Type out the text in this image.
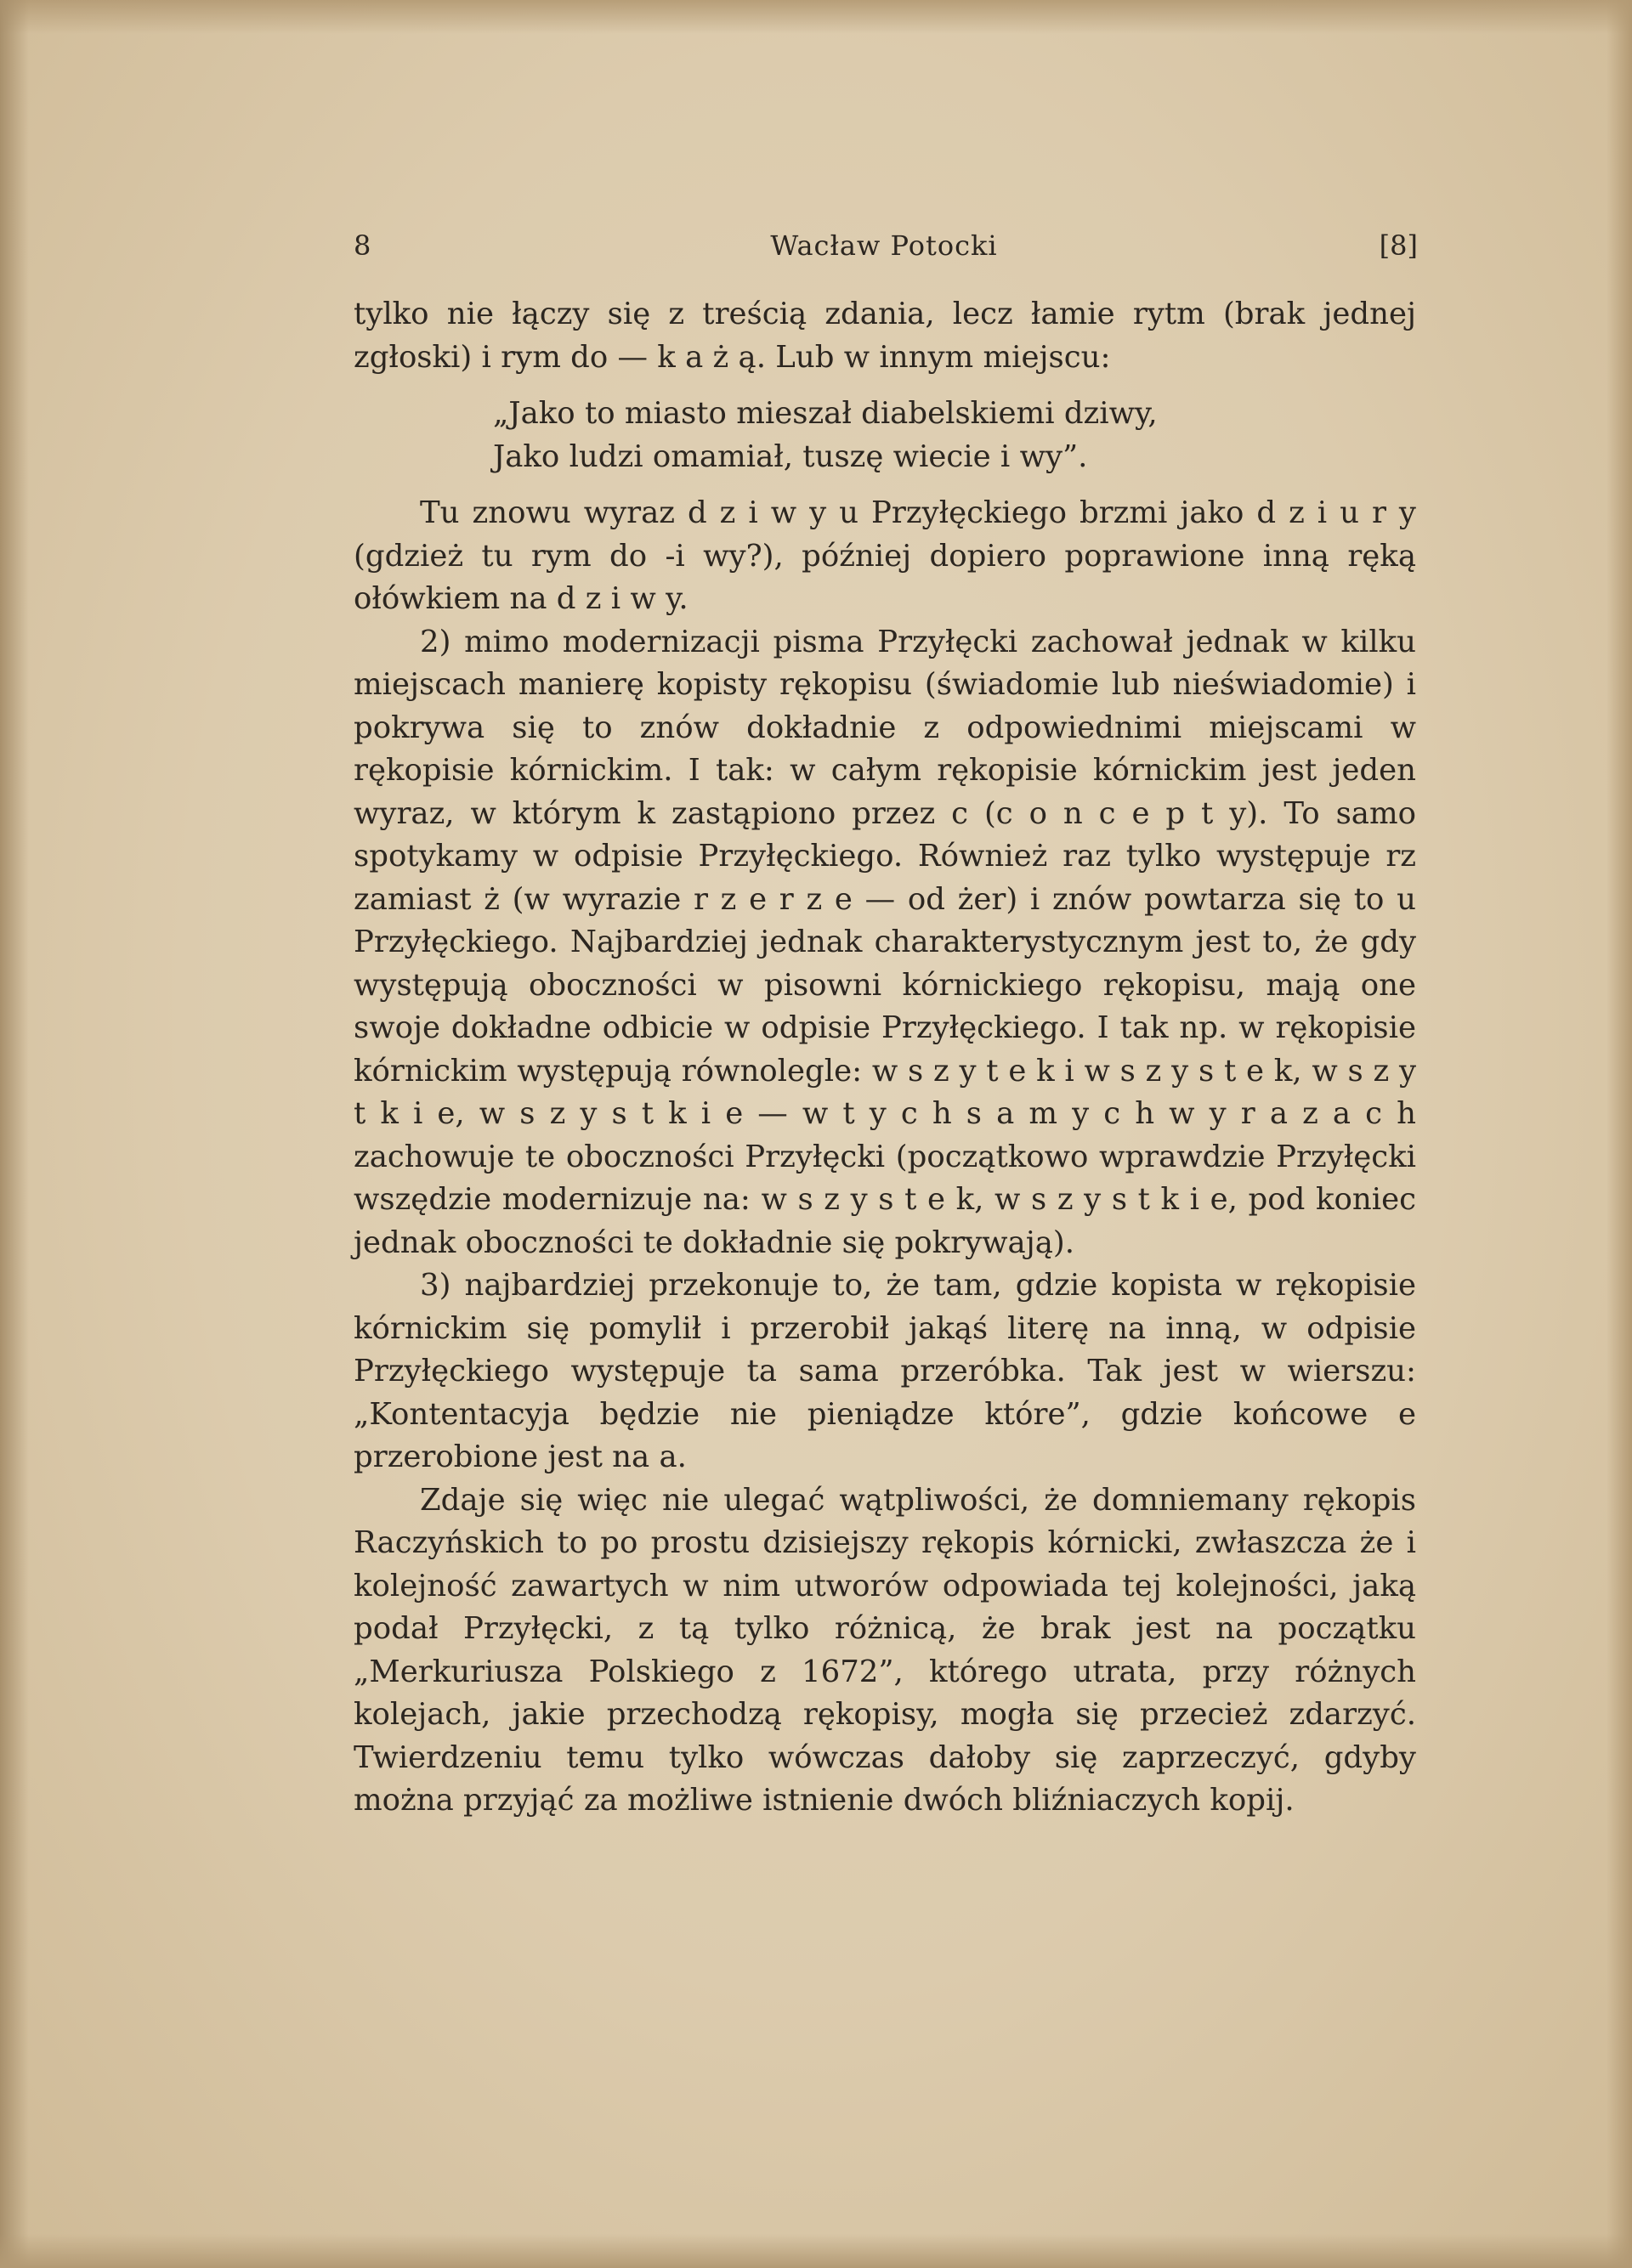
8	Wacław Potocki	[8]

tylko nie łączy się z treścią zdania, lecz łamie rytm (brak jednej zgłoski) i rym do — k a ż ą. Lub w innym miejscu:

„Jako to miasto mieszał diabelskiemi dziwy,
Jako ludzi omamiał, tuszę wiecie i wy”.

Tu znowu wyraz d z i w y u Przyłęckiego brzmi jako d z i u r y (gdzież tu rym do -i wy?), później dopiero poprawione inną ręką ołówkiem na d z i w y.

2) mimo modernizacji pisma Przyłęcki zachował jednak w kilku miejscach manierę kopisty rękopisu (świadomie lub nieświadomie) i pokrywa się to znów dokładnie z odpowiednimi miejscami w rękopisie kórnickim. I tak: w całym rękopisie kórnickim jest jeden wyraz, w którym k zastąpiono przez c (c o n c e p t y). To samo spotykamy w odpisie Przyłęckiego. Również raz tylko występuje rz zamiast ż (w wyrazie r z e r z e — od żer) i znów powtarza się to u Przyłęckiego. Najbardziej jednak charakterystycznym jest to, że gdy występują oboczności w pisowni kórnickiego rękopisu, mają one swoje dokładne odbicie w odpisie Przyłęckiego. I tak np. w rękopisie kórnickim występują równolegle: w s z y t e k i w s z y s t e k, w s z y t k i e, w s z y s t k i e — w t y c h s a m y c h w y r a z a c h zachowuje te oboczności Przyłęcki (początkowo wprawdzie Przyłęcki wszędzie modernizuje na: w s z y s t e k, w s z y s t k i e, pod koniec jednak oboczności te dokładnie się pokrywają).

3) najbardziej przekonuje to, że tam, gdzie kopista w rękopisie kórnickim się pomylił i przerobił jakąś literę na inną, w odpisie Przyłęckiego występuje ta sama przeróbka. Tak jest w wierszu: „Kontentacyja będzie nie pieniądze które”, gdzie końcowe e przerobione jest na a.

Zdaje się więc nie ulegać wątpliwości, że domniemany rękopis Raczyńskich to po prostu dzisiejszy rękopis kórnicki, zwłaszcza że i kolejność zawartych w nim utworów odpowiada tej kolejności, jaką podał Przyłęcki, z tą tylko różnicą, że brak jest na początku „Merkuriusza Polskiego z 1672”, którego utrata, przy różnych kolejach, jakie przechodzą rękopisy, mogła się przecież zdarzyć. Twierdzeniu temu tylko wówczas dałoby się zaprzeczyć, gdyby można przyjąć za możliwe istnienie dwóch bliźniaczych kopij.
